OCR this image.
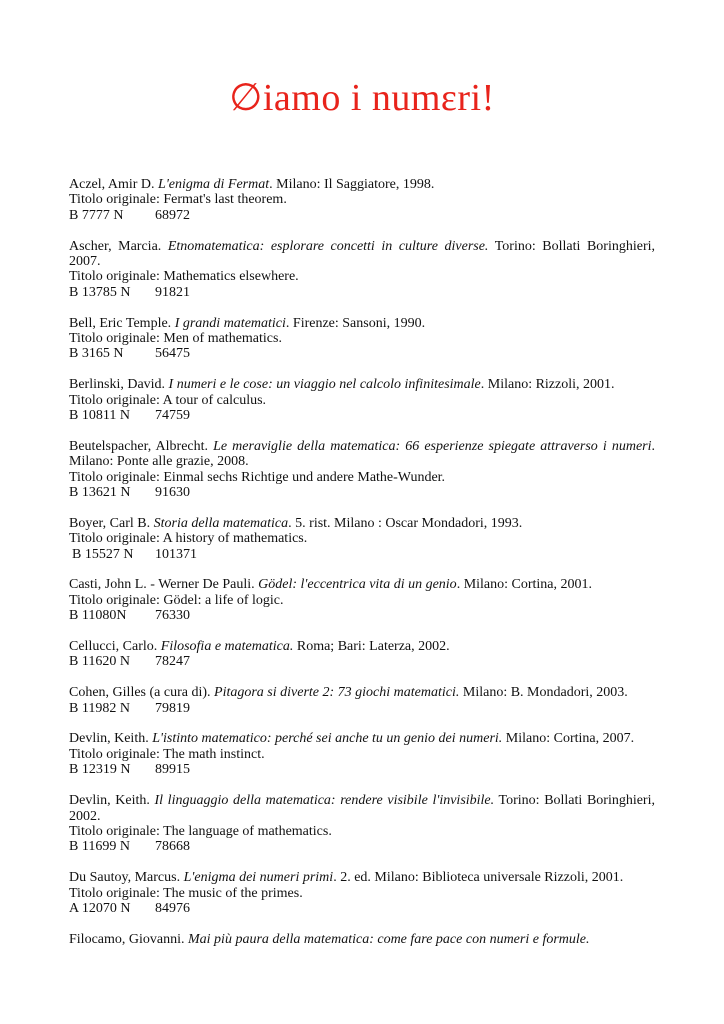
∅iamo i numεri!
Aczel, Amir D. L'enigma di Fermat. Milano: Il Saggiatore, 1998.
Titolo originale: Fermat's last theorem.
B 7777 N 68972
Ascher, Marcia. Etnomatematica: esplorare concetti in culture diverse. Torino: Bollati Boringhieri, 2007.
Titolo originale: Mathematics elsewhere.
B 13785 N 91821
Bell, Eric Temple. I grandi matematici. Firenze: Sansoni, 1990.
Titolo originale: Men of mathematics.
B 3165 N 56475
Berlinski, David. I numeri e le cose: un viaggio nel calcolo infinitesimale. Milano: Rizzoli, 2001.
Titolo originale: A tour of calculus.
B 10811 N 74759
Beutelspacher, Albrecht. Le meraviglie della matematica: 66 esperienze spiegate attraverso i numeri. Milano: Ponte alle grazie, 2008.
Titolo originale: Einmal sechs Richtige und andere Mathe-Wunder.
B 13621 N 91630
Boyer, Carl B. Storia della matematica. 5. rist. Milano : Oscar Mondadori, 1993.
Titolo originale: A history of mathematics.
B 15527 N 101371
Casti, John L. - Werner De Pauli. Gödel: l'eccentrica vita di un genio. Milano: Cortina, 2001.
Titolo originale: Gödel: a life of logic.
B 11080N 76330
Cellucci, Carlo. Filosofia e matematica. Roma; Bari: Laterza, 2002.
B 11620 N 78247
Cohen, Gilles (a cura di). Pitagora si diverte 2: 73 giochi matematici. Milano: B. Mondadori, 2003.
B 11982 N 79819
Devlin, Keith. L'istinto matematico: perché sei anche tu un genio dei numeri. Milano: Cortina, 2007.
Titolo originale: The math instinct.
B 12319 N 89915
Devlin, Keith. Il linguaggio della matematica: rendere visibile l'invisibile. Torino: Bollati Boringhieri, 2002.
Titolo originale: The language of mathematics.
B 11699 N 78668
Du Sautoy, Marcus. L'enigma dei numeri primi. 2. ed. Milano: Biblioteca universale Rizzoli, 2001.
Titolo originale: The music of the primes.
A 12070 N 84976
Filocamo, Giovanni. Mai più paura della matematica: come fare pace con numeri e formule.
